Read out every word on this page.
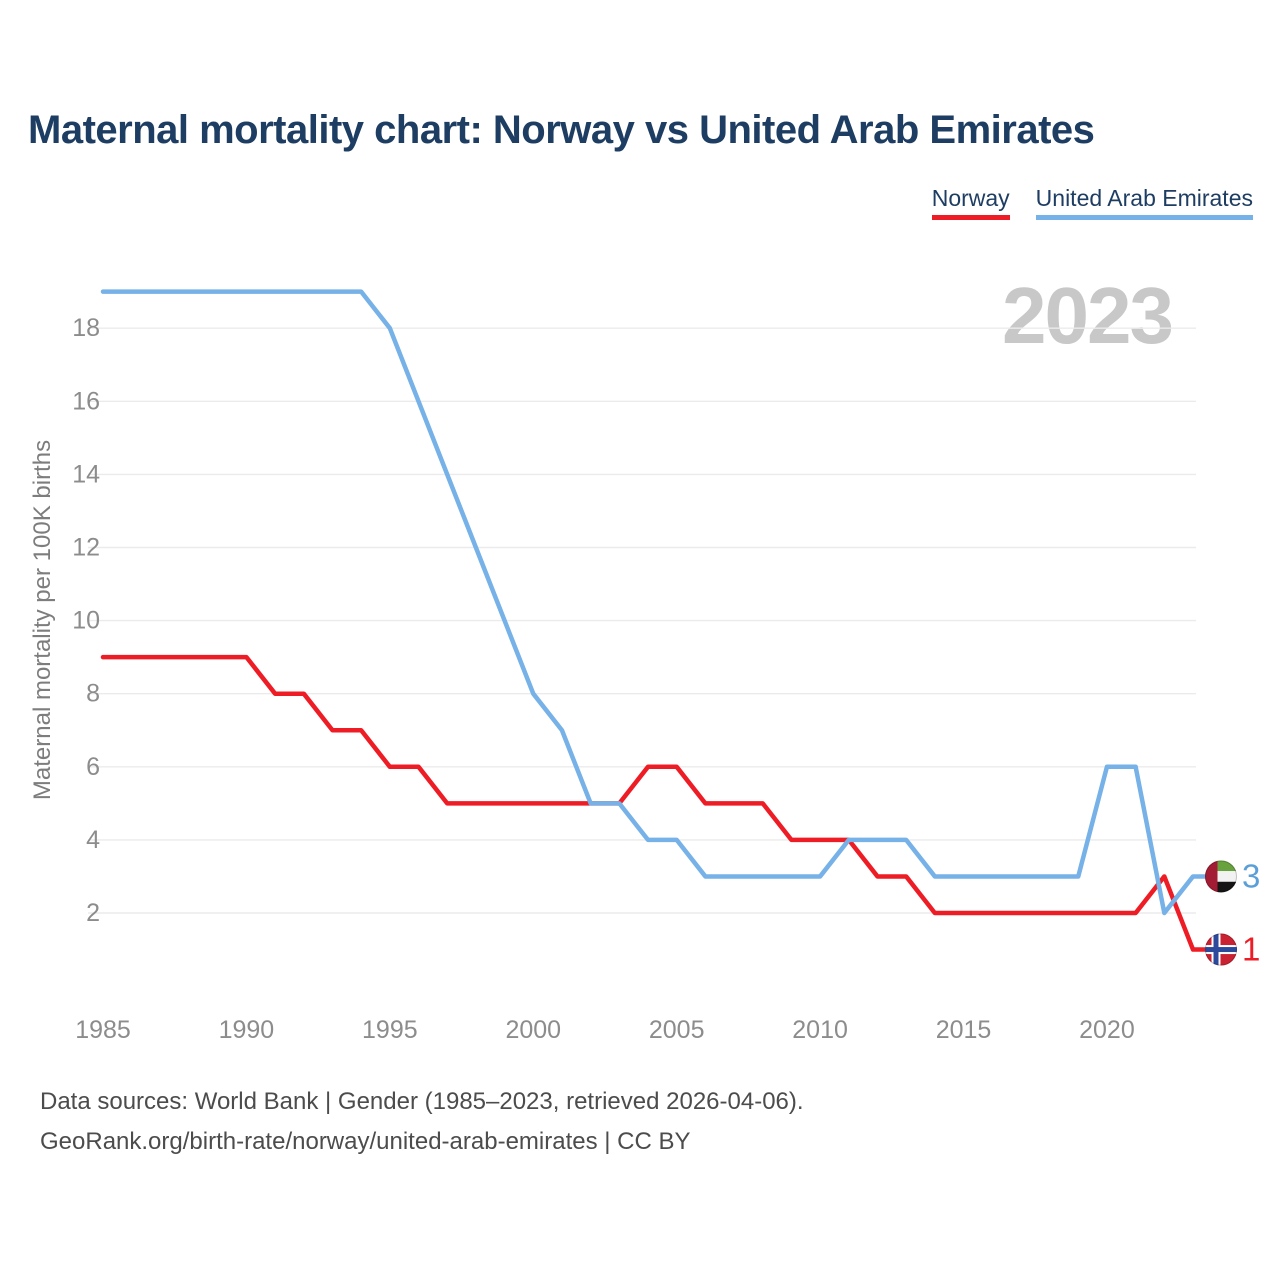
Maternal mortality chart: Norway vs United Arab Emirates
Norway United Arab Emirates
2023
2
4
6
8
10
12
14
16
18
1985	1990	1995	2000	2005	2010	2015	2020
Maternal mortality per 100K births
1
3
Data sources: World Bank | Gender (1985–2023, retrieved 2026-04-06).
GeoRank.org/birth-rate/norway/united-arab-emirates | CC BY
